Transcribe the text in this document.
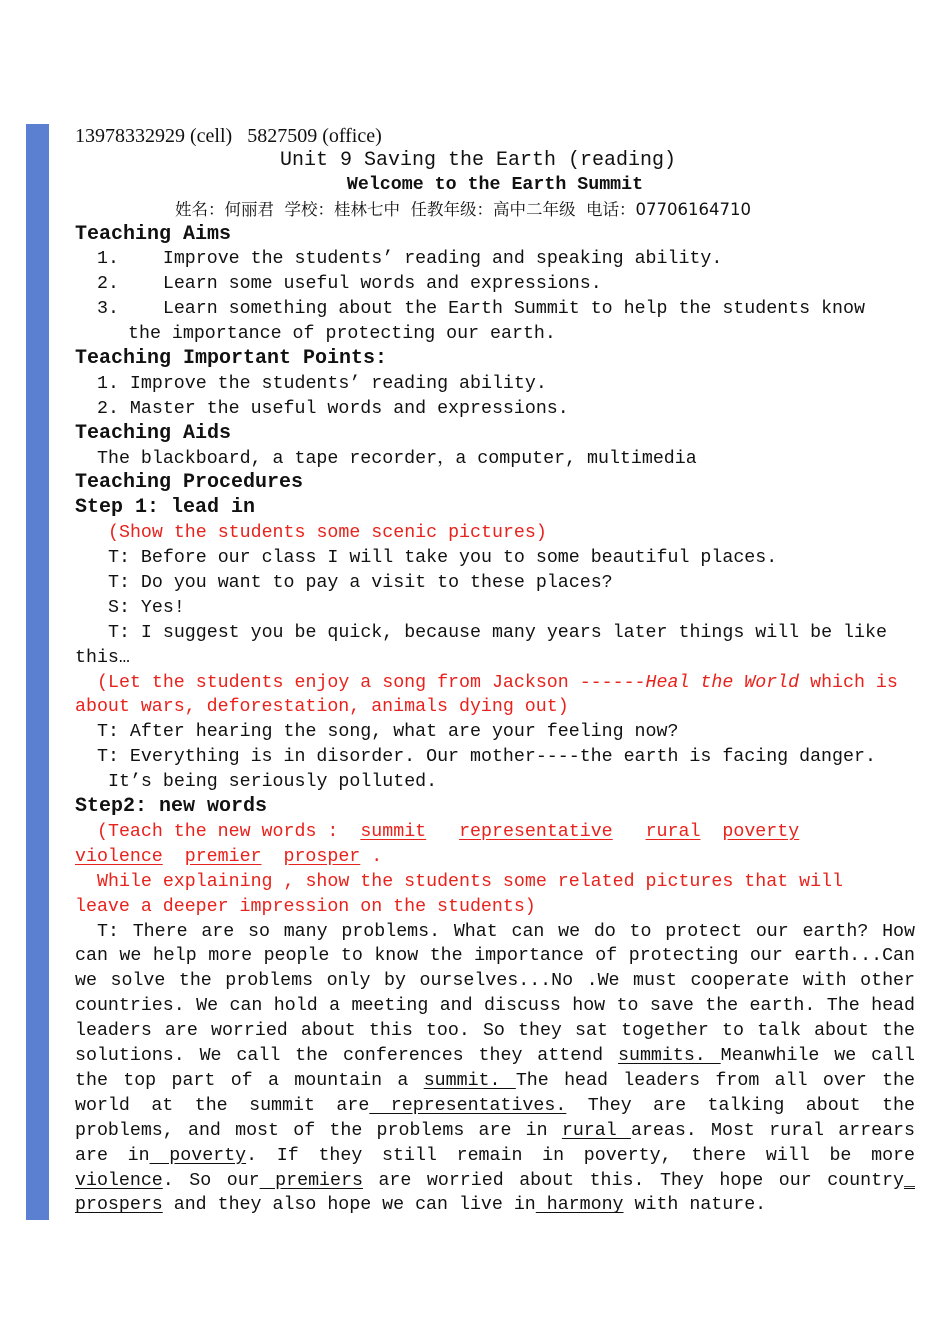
13978332929 (cell)   5827509 (office)
Unit 9 Saving the Earth (reading)
Welcome to the Earth Summit
姓名：何丽君  学校：桂林七中  任教年级：高中二年级  电话：07706164710
Teaching Aims
1. Improve the students’ reading and speaking ability.
2. Learn some useful words and expressions.
3. Learn something about the Earth Summit to help the students know
the importance of protecting our earth.
Teaching Important Points:
1. Improve the students’ reading ability.
2. Master the useful words and expressions.
Teaching Aids
The blackboard, a tape recorder，a computer, multimedia
Teaching Procedures
Step 1: lead in
(Show the students some scenic pictures)
T: Before our class I will take you to some beautiful places.
T: Do you want to pay a visit to these places?
S: Yes!
T: I suggest you be quick, because many years later things will be like
this…
(Let the students enjoy a song from Jackson ------Heal the World which is
about wars, deforestation, animals dying out)
T: After hearing the song, what are your feeling now?
T: Everything is in disorder. Our mother----the earth is facing danger.
It’s being seriously polluted.
Step2: new words
(Teach the new words : summit representative rural poverty
violence premier prosper .
While explaining , show the students some related pictures that will
leave a deeper impression on the students)
T: There are so many problems. What can we do to protect our earth? How can we help more people to know the importance of protecting our earth...Can we solve the problems only by ourselves...No .We must cooperate with other countries. We can hold a meeting and discuss how to save the earth. The head leaders are worried about this too. So they sat together to talk about the solutions. We call the conferences they attend summits. Meanwhile we call the top part of a mountain a summit. The head leaders from all over the world at the summit are representatives. They are talking about the problems, and most of the problems are in rural areas. Most rural arrears are in poverty. If they still remain in poverty, there will be more violence. So our premiers are worried about this. They hope our country_ prospers and they also hope we can live in harmony with nature.
